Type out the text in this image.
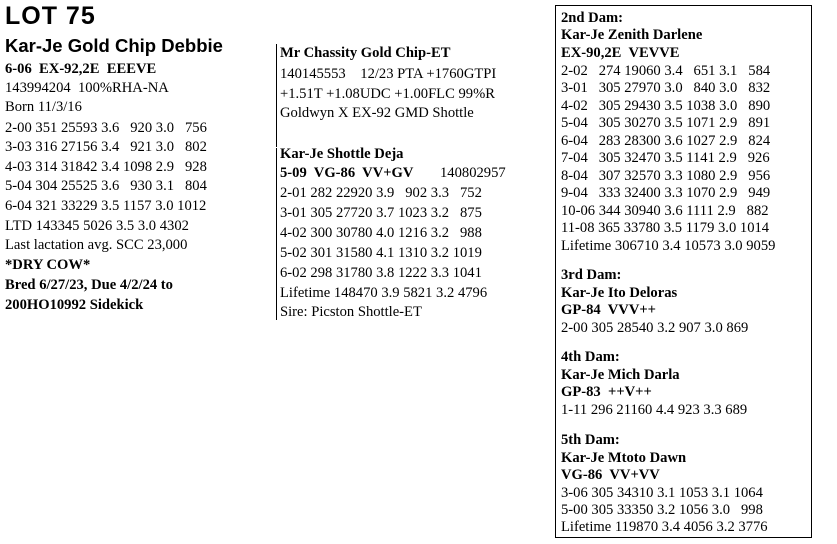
LOT 75
Kar-Je Gold Chip Debbie
6-06  EX-92,2E  EEEVE
143994204  100%RHA-NA
Born 11/3/16
2-00 351 25593 3.6   920 3.0   756
3-03 316 27156 3.4   921 3.0   802
4-03 314 31842 3.4 1098 2.9   928
5-04 304 25525 3.6   930 3.1   804
6-04 321 33229 3.5 1157 3.0 1012
LTD 143345 5026 3.5 3.0 4302
Last lactation avg. SCC 23,000
*DRY COW*
Bred 6/27/23, Due 4/2/24 to
200HO10992 Sidekick
Mr Chassity Gold Chip-ET
140145553    12/23 PTA +1760GTPI
+1.51T +1.08UDC +1.00FLC 99%R
Goldwyn X EX-92 GMD Shottle
Kar-Je Shottle Deja
5-09  VG-86  VV+GV 140802957
2-01 282 22920 3.9   902 3.3   752
3-01 305 27720 3.7 1023 3.2   875
4-02 300 30780 4.0 1216 3.2   988
5-02 301 31580 4.1 1310 3.2 1019
6-02 298 31780 3.8 1222 3.3 1041
Lifetime 148470 3.9 5821 3.2 4796
Sire: Picston Shottle-ET
2nd Dam:
Kar-Je Zenith Darlene
EX-90,2E  VEVVE
2-02   274 19060 3.4   651 3.1   584
3-01   305 27970 3.0   840 3.0   832
4-02   305 29430 3.5 1038 3.0   890
5-04   305 30270 3.5 1071 2.9   891
6-04   283 28300 3.6 1027 2.9   824
7-04   305 32470 3.5 1141 2.9   926
8-04   307 32570 3.3 1080 2.9   956
9-04   333 32400 3.3 1070 2.9   949
10-06 344 30940 3.6 1111 2.9   882
11-08 365 33780 3.5 1179 3.0 1014
Lifetime 306710 3.4 10573 3.0 9059
3rd Dam:
Kar-Je Ito Deloras
GP-84  VVV++
2-00 305 28540 3.2 907 3.0 869
4th Dam:
Kar-Je Mich Darla
GP-83  ++V++
1-11 296 21160 4.4 923 3.3 689
5th Dam:
Kar-Je Mtoto Dawn
VG-86  VV+VV
3-06 305 34310 3.1 1053 3.1 1064
5-00 305 33350 3.2 1056 3.0   998
Lifetime 119870 3.4 4056 3.2 3776
